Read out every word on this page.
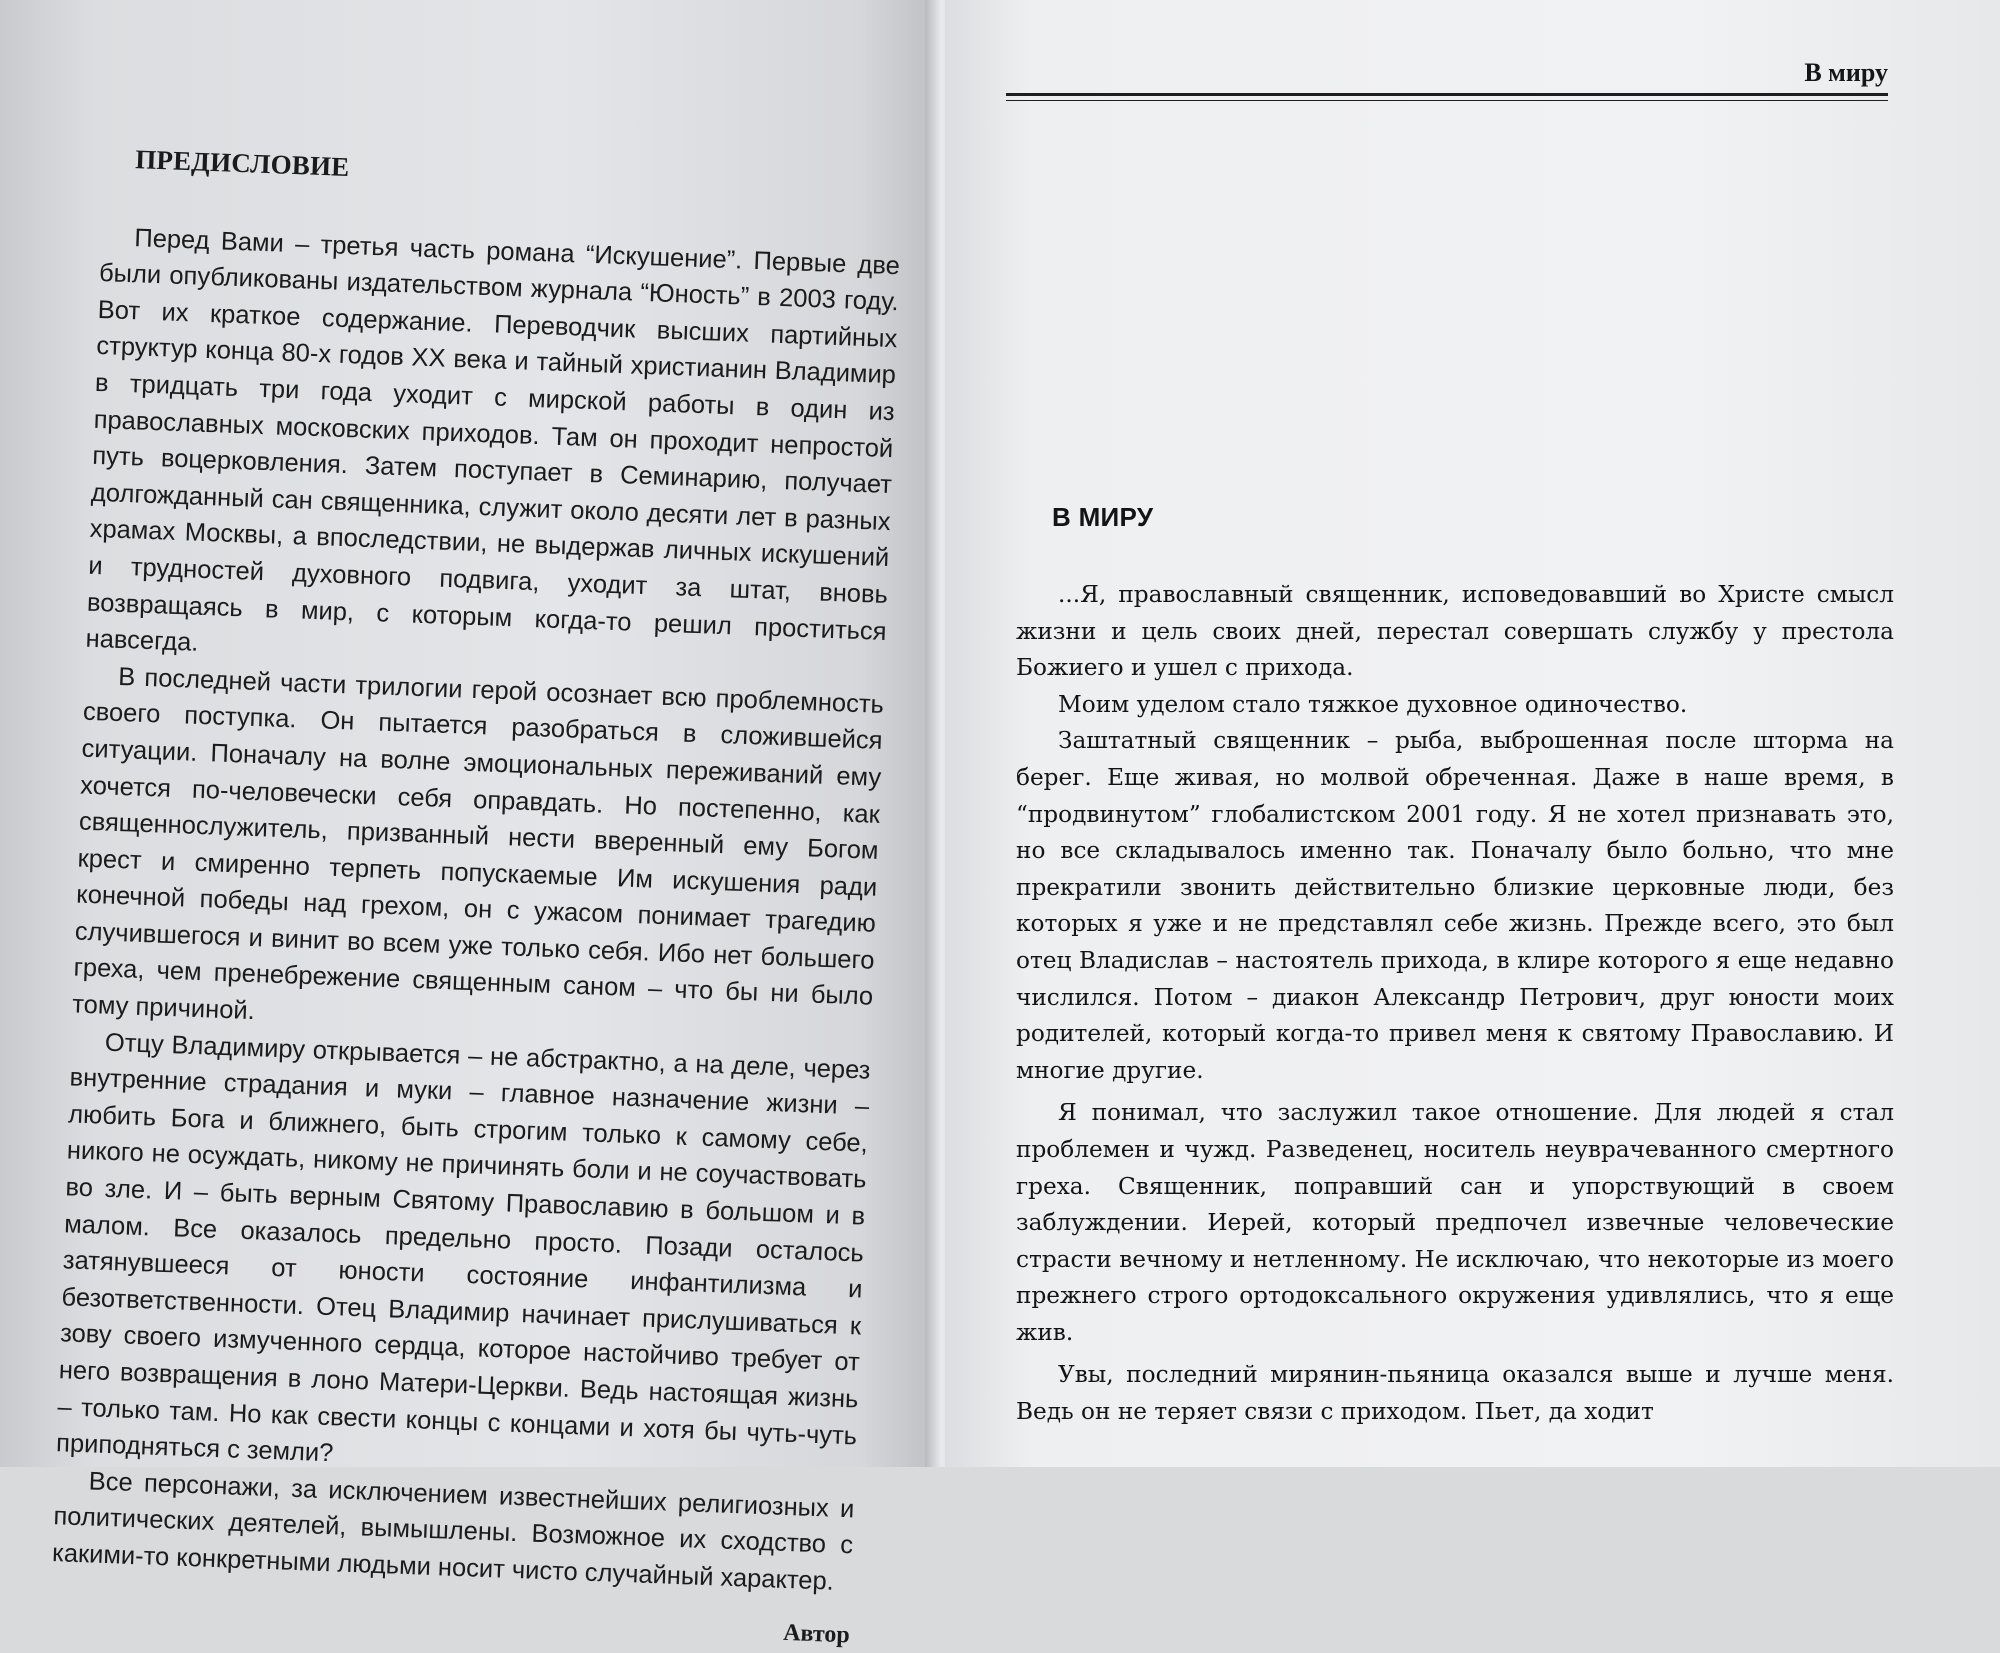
ПРЕДИСЛОВИЕ

Перед Вами – третья часть романа “Искушение”. Первые две были опубликованы издательством журнала “Юность” в 2003 году. Вот их краткое содержание. Переводчик высших партийных структур конца 80-х годов XX века и тайный христианин Владимир в тридцать три года уходит с мирской работы в один из православных московских приходов. Там он проходит непростой путь воцерковления. Затем поступает в Семинарию, получает долгожданный сан священника, служит около десяти лет в разных храмах Москвы, а впоследствии, не выдержав личных искушений и трудностей духовного подвига, уходит за штат, вновь возвращаясь в мир, с которым когда-то решил проститься навсегда.

В последней части трилогии герой осознает всю проблемность своего поступка. Он пытается разобраться в сложившейся ситуации. Поначалу на волне эмоциональных переживаний ему хочется по-человечески себя оправдать. Но постепенно, как священнослужитель, призванный нести вверенный ему Богом крест и смиренно терпеть попускаемые Им искушения ради конечной победы над грехом, он с ужасом понимает трагедию случившегося и винит во всем уже только себя. Ибо нет большего греха, чем пренебрежение священным саном – что бы ни было тому причиной.

Отцу Владимиру открывается – не абстрактно, а на деле, через внутренние страдания и муки – главное назначение жизни – любить Бога и ближнего, быть строгим только к самому себе, никого не осуждать, никому не причинять боли и не соучаствовать во зле. И – быть верным Святому Православию в большом и в малом. Все оказалось предельно просто. Позади осталось затянувшееся от юности состояние инфантилизма и безответственности. Отец Владимир начинает прислушиваться к зову своего измученного сердца, которое настойчиво требует от него возвращения в лоно Матери-Церкви. Ведь настоящая жизнь – только там. Но как свести концы с концами и хотя бы чуть-чуть приподняться с земли?

Все персонажи, за исключением известнейших религиозных и политических деятелей, вымышлены. Возможное их сходство с какими-то конкретными людьми носит чисто случайный характер.

Автор
В миру
В МИРУ

...Я, православный священник, исповедовавший во Христе смысл жизни и цель своих дней, перестал совершать службу у престола Божиего и ушел с прихода.

Моим уделом стало тяжкое духовное одиночество.

Заштатный священник – рыба, выброшенная после шторма на берег. Еще живая, но молвой обреченная. Даже в наше время, в “продвинутом” глобалистском 2001 году. Я не хотел признавать это, но все складывалось именно так. Поначалу было больно, что мне прекратили звонить действительно близкие церковные люди, без которых я уже и не представлял себе жизнь. Прежде всего, это был отец Владислав – настоятель прихода, в клире которого я еще недавно числился. Потом – диакон Александр Петрович, друг юности моих родителей, который когда-то привел меня к святому Православию. И многие другие.

Я понимал, что заслужил такое отношение. Для людей я стал проблемен и чужд. Разведенец, носитель неуврачеванного смертного греха. Священник, поправший сан и упорствующий в своем заблуждении. Иерей, который предпочел извечные человеческие страсти вечному и нетленному. Не исключаю, что некоторые из моего прежнего строго ортодоксального окружения удивлялись, что я еще жив.

Увы, последний мирянин-пьяница оказался выше и лучше меня. Ведь он не теряет связи с приходом. Пьет, да ходит
